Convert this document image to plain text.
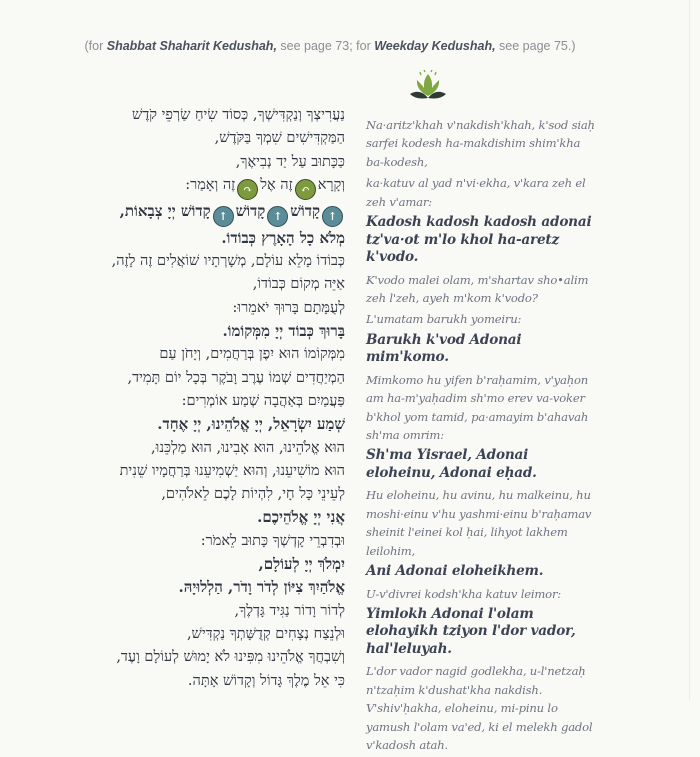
(for Shabbat Shaharit Kedushah, see page 73; for Weekday Kedushah, see page 75.)
נַעֲרִיצְךָ וְנַקְדִּישְׁךָ, כְּסוֹד שִׂיחַ שַׂרְפֵי קֹדֶשׁ
הַמַּקְדִּישִׁים שִׁמְךָ בַּקֹּדֶשׁ,
כַּכָּתוּב עַל יַד נְבִיאֶךָ,
וְקָרָא↶זֶה אֶל↷זֶה וְאָמַר:
↑קָדוֹשׁ↑קָדוֹשׁ↑קָדוֹשׁ יְיָ צְבָאוֹת,
מְלֹא כָל הָאָרֶץ כְּבוֹדוֹ.
כְּבוֹדוֹ מָלֵא עוֹלָם, מְשָׁרְתָיו שׁוֹאֲלִים זֶה לָזֶה,
אַיֵּה מְקוֹם כְּבוֹדוֹ,
לְעֻמָּתָם בָּרוּךְ יֹאמֵרוּ:
בָּרוּךְ כְּבוֹד יְיָ מִמְּקוֹמוֹ.
מִמְּקוֹמוֹ הוּא יִפֶן בְּרַחֲמִים, וְיָחֹן עַם
הַמְיַחֲדִים שְׁמוֹ עֶרֶב וָבֹקֶר בְּכָל יוֹם תָּמִיד,
פַּעֲמַיִם בְּאַהֲבָה שְׁמַע אוֹמְרִים:
שְׁמַע יִשְׂרָאֵל, יְיָ אֱלֹהֵינוּ, יְיָ אֶחָד.
הוּא אֱלֹהֵינוּ, הוּא אָבִינוּ, הוּא מַלְכֵּנוּ,
הוּא מוֹשִׁיעֵנוּ, וְהוּא יַשְׁמִיעֵנוּ בְּרַחֲמָיו שֵׁנִית
לְעֵינֵי כָּל חָי, לִהְיוֹת לָכֶם לֵאלֹהִים,
אֲנִי יְיָ אֱלֹהֵיכֶם.
וּבְדִבְרֵי קָדְשְׁךָ כָּתוּב לֵאמֹר:
יִמְלֹךְ יְיָ לְעוֹלָם,
אֱלֹהַיִךְ צִיּוֹן לְדֹר וָדֹר, הַלְלוּיָהּ.
לְדוֹר וָדוֹר נַגִּיד גָּדְלֶךָ,
וּלְנֵצַח נְצָחִים קְדֻשָּׁתְךָ נַקְדִּישׁ,
וְשִׁבְחֲךָ אֱלֹהֵינוּ מִפִּינוּ לֹא יָמוּשׁ לְעוֹלָם וָעֶד,
כִּי אֵל מֶלֶךְ גָּדוֹל וְקָדוֹשׁ אָתָּה.

Na·aritz'khah v'nakdish'khah, k'sod siaḥ sarfei kodesh ha-makdishim shim'kha ba-kodesh,

ka·katuv al yad n'vi·ekha, v'kara zeh el zeh v'amar:

Kadosh kadosh kadosh adonai tz'va·ot m'lo khol ha-aretz k'vodo.

K'vodo malei olam, m'shartav sho•alim zeh l'zeh, ayeh m'kom k'vodo?

L'umatam barukh yomeiru:

Barukh k'vod Adonai mim'komo.

Mimkomo hu yifen b'raḥamim, v'yaḥon am ha-m'yaḥadim sh'mo erev va-voker b'khol yom tamid, pa·amayim b'ahavah sh'ma omrim:

Sh'ma Yisrael, Adonai eloheinu, Adonai eḥad.

Hu eloheinu, hu avinu, hu malkeinu, hu moshi·einu v'hu yashmi·einu b'raḥamav sheinit l'einei kol ḥai, lihyot lakhem leilohim,

Ani Adonai eloheikhem.

U-v'divrei kodsh'kha katuv leimor:

Yimlokh Adonai l'olam elohayikh tziyon l'dor vador, hal'leluyah.

L'dor vador nagid godlekha, u-l'netzaḥ n'tzaḥim k'dushat'kha nakdish. V'shiv'ḥakha, eloheinu, mi-pinu lo yamush l'olam va'ed, ki el melekh gadol v'kadosh atah.
